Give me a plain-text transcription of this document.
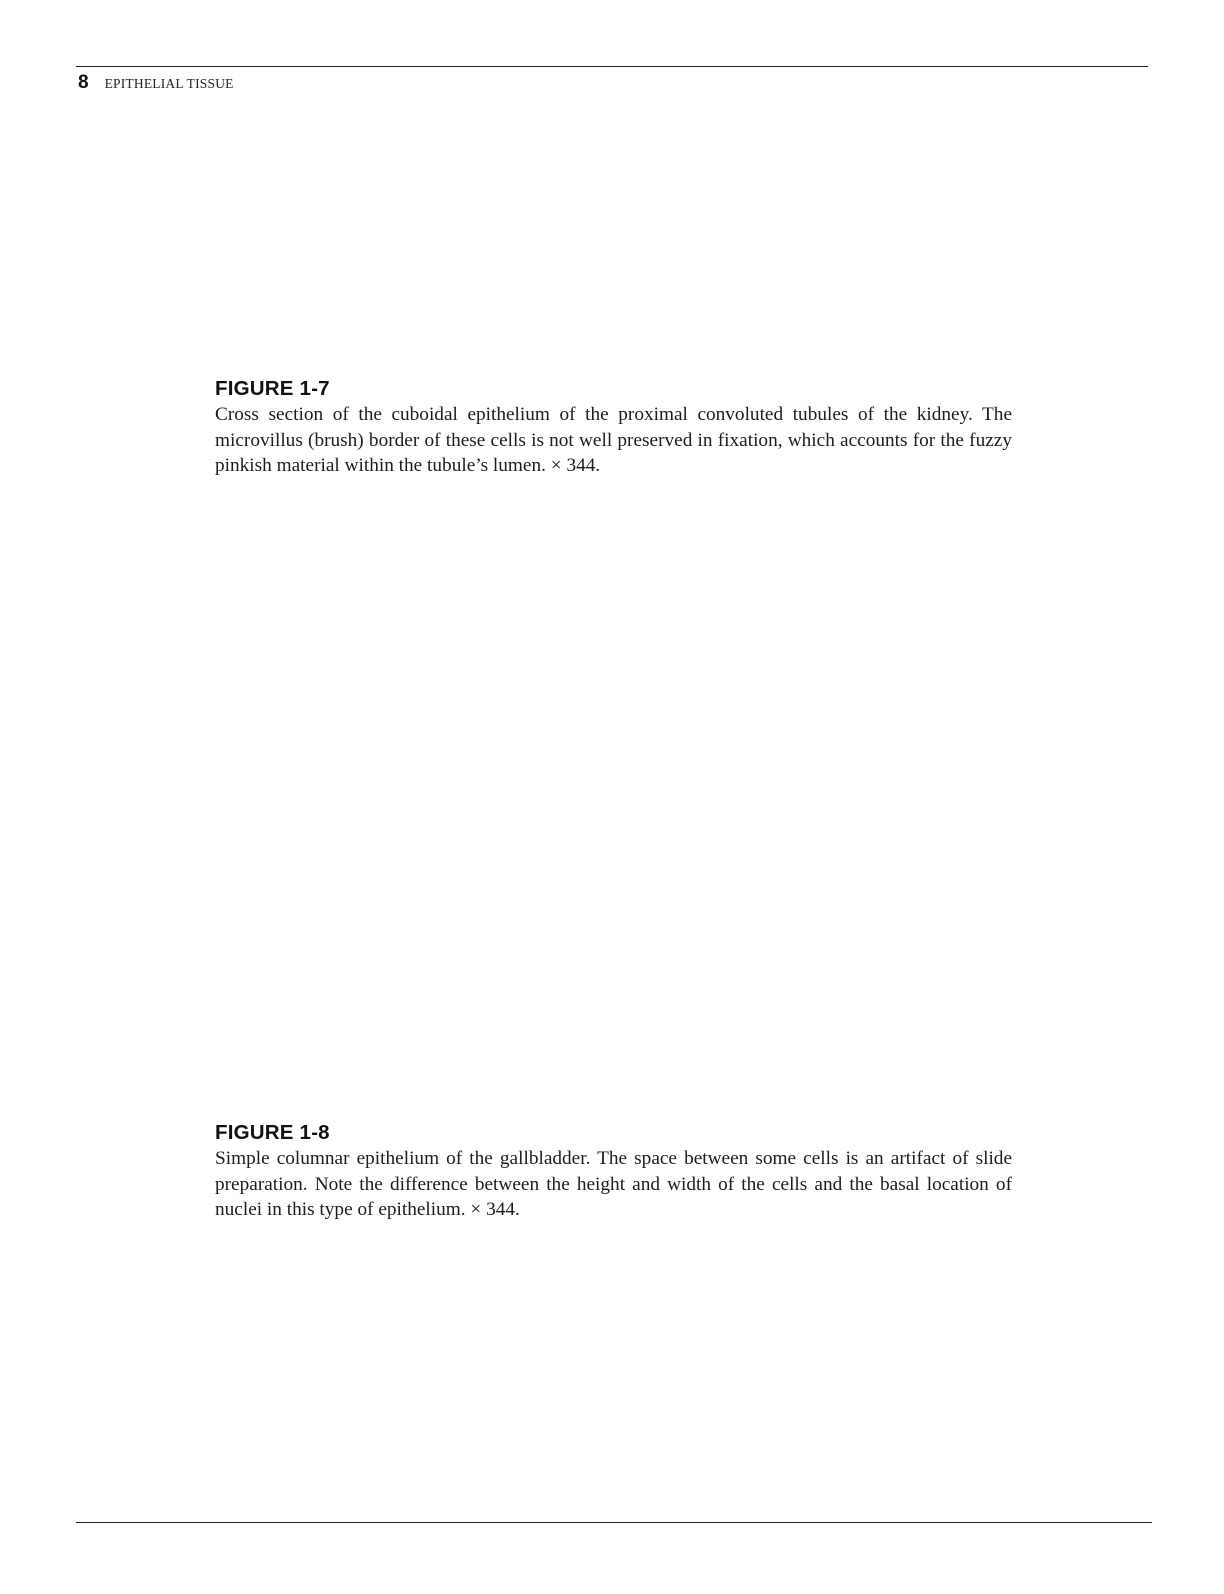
8 EPITHELIAL TISSUE

FIGURE 1-7

Cross section of the cuboidal epithelium of the proximal convoluted tubules of the kidney. The microvillus (brush) border of these cells is not well preserved in fixation, which accounts for the fuzzy pinkish material within the tubule’s lumen. × 344.

FIGURE 1-8

Simple columnar epithelium of the gallbladder. The space between some cells is an artifact of slide preparation. Note the difference between the height and width of the cells and the basal location of nuclei in this type of epithelium. × 344.
